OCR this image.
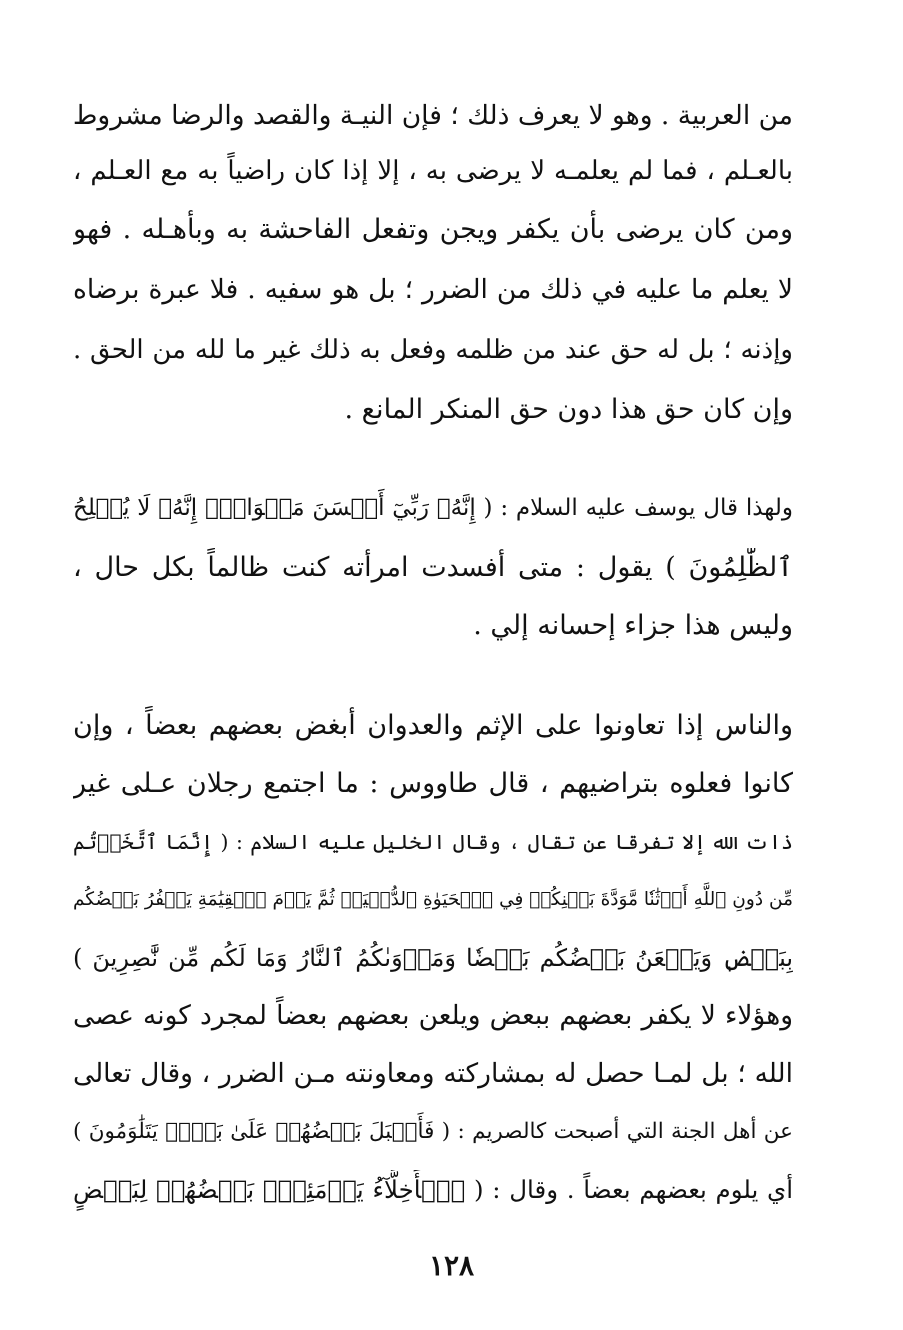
من العربية . وهو لا يعرف ذلك ؛ فإن النيـة والقصد والرضا مشروط
بالعـلم ، فما لم يعلمـه لا يرضى به ، إلا إذا كان راضياً به مع العـلم ،
ومن كان يرضى بأن يكفر ويجن وتفعل الفاحشة به وبأهـله . فهو
لا يعلم ما عليه في ذلك من الضرر ؛ بل هو سفيه . فلا عبرة برضاه
وإذنه ؛ بل له حق عند من ظلمه وفعل به ذلك غير ما لله من الحق .
وإن كان حق هذا دون حق المنكر المانع .
ولهذا قال يوسف عليه السلام : ( إِنَّهُۥ رَبِّيٓ أَحۡسَنَ مَثۡوَايَۖ إِنَّهُۥ لَا يُفۡلِحُ
ٱلظَّٰلِمُونَ ) يقول : متى أفسدت امرأته كنت ظالماً بكل حال ،
وليس هذا جزاء إحسانه إلي .
والناس إذا تعاونوا على الإثم والعدوان أبغض بعضهم بعضاً ، وإن
كانوا فعلوه بتراضيهم ، قال طاووس : ما اجتمع رجلان عـلى غير
ذات الله إلا تفرقا عن تقال ، وقال الخليل عليه السلام : ( إِنَّمَا ٱتَّخَذۡتُم
مِّن دُونِ ٱللَّهِ أَوۡثَٰنٗا مَّوَدَّةَ بَيۡنِكُمۡ فِي ٱلۡحَيَوٰةِ ٱلدُّنۡيَاۖ ثُمَّ يَوۡمَ ٱلۡقِيَٰمَةِ يَكۡفُرُ بَعۡضُكُم
بِبَعۡضٖ وَيَلۡعَنُ بَعۡضُكُم بَعۡضٗا وَمَأۡوَىٰكُمُ ٱلنَّارُ وَمَا لَكُم مِّن نَّٰصِرِينَ )
وهؤلاء لا يكفر بعضهم ببعض ويلعن بعضهم بعضاً لمجرد كونه عصى
الله ؛ بل لمـا حصل له بمشاركته ومعاونته مـن الضرر ، وقال تعالى
عن أهل الجنة التي أصبحت كالصريم : ( فَأَقۡبَلَ بَعۡضُهُمۡ عَلَىٰ بَعۡضٖ يَتَلَٰوَمُونَ )
أي يلوم بعضهم بعضاً . وقال : ( ٱلۡأَخِلَّآءُ يَوۡمَئِذِۭ بَعۡضُهُمۡ لِبَعۡضٍ
١٢٨
